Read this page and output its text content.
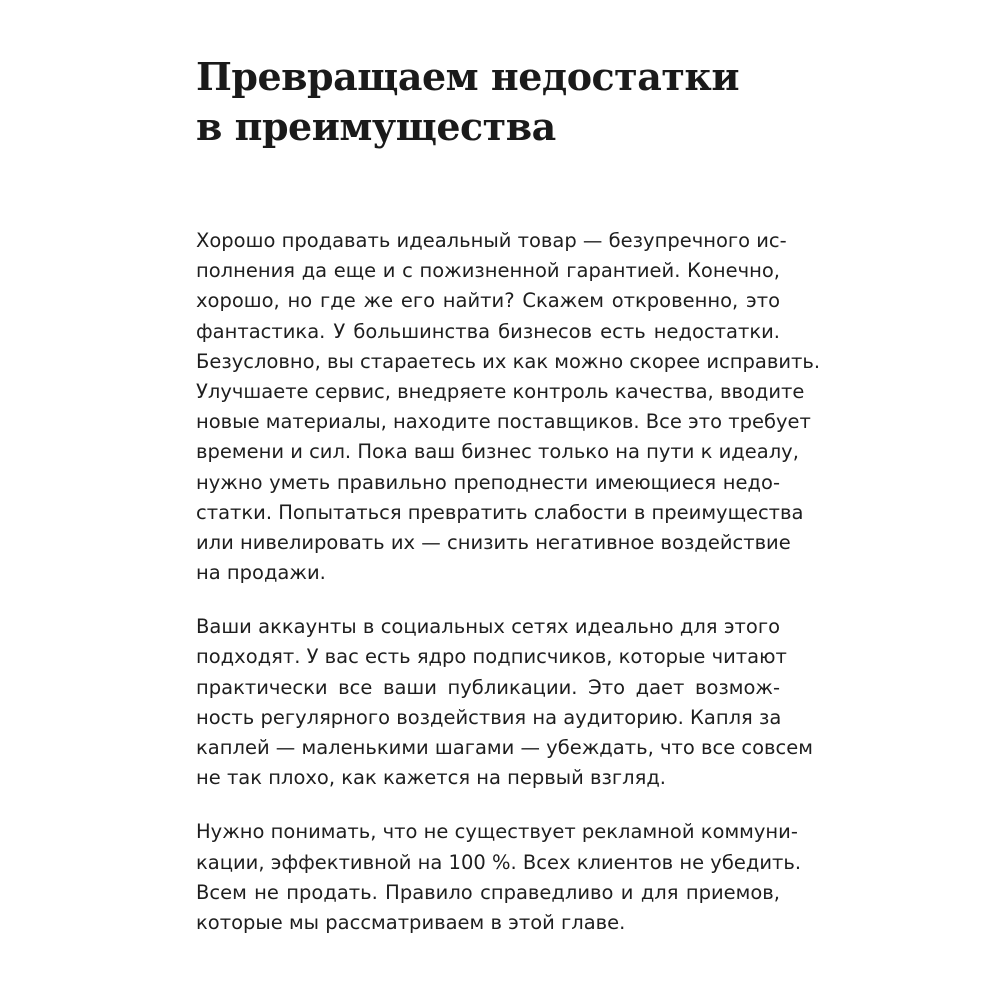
Превращаем недостатки
в преимущества

Хорошо продавать идеальный товар — безупречного ис-
полнения да еще и с пожизненной гарантией. Конечно,
хорошо, но где же его найти? Скажем откровенно, это
фантастика. У большинства бизнесов есть недостатки.
Безусловно, вы стараетесь их как можно скорее исправить.
Улучшаете сервис, внедряете контроль качества, вводите
новые материалы, находите поставщиков. Все это требует
времени и сил. Пока ваш бизнес только на пути к идеалу,
нужно уметь правильно преподнести имеющиеся недо-
статки. Попытаться превратить слабости в преимущества
или нивелировать их — снизить негативное воздействие
на продажи.

Ваши аккаунты в социальных сетях идеально для этого
подходят. У вас есть ядро подписчиков, которые читают
практически все ваши публикации. Это дает возмож-
ность регулярного воздействия на аудиторию. Капля за
каплей — маленькими шагами — убеждать, что все совсем
не так плохо, как кажется на первый взгляд.

Нужно понимать, что не существует рекламной коммуни-
кации, эффективной на 100 %. Всех клиентов не убедить.
Всем не продать. Правило справедливо и для приемов,
которые мы рассматриваем в этой главе.
